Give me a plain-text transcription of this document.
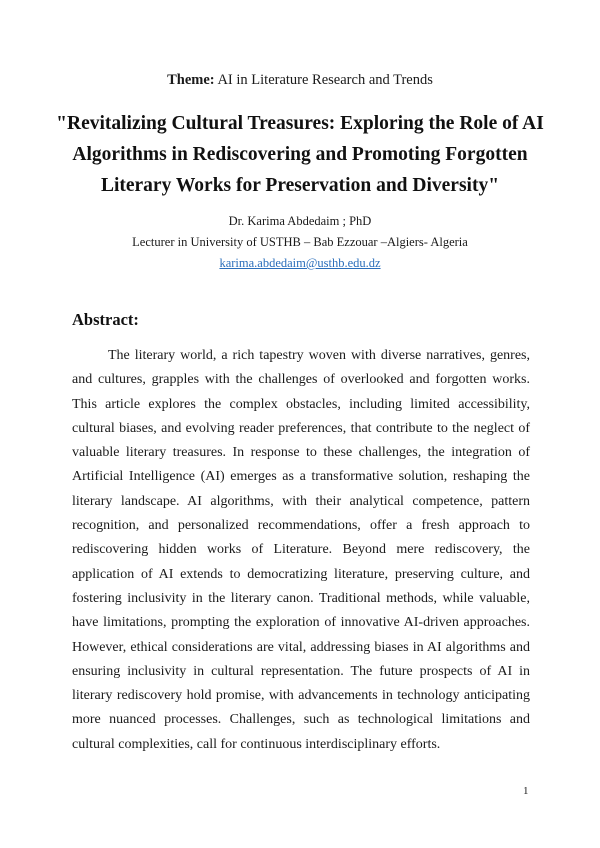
Theme: AI in Literature Research and Trends
"Revitalizing Cultural Treasures: Exploring the Role of AI Algorithms in Rediscovering and Promoting Forgotten Literary Works for Preservation and Diversity"
Dr. Karima Abdedaim ; PhD
Lecturer in University of USTHB – Bab Ezzouar –Algiers- Algeria
karima.abdedaim@usthb.edu.dz
Abstract:

The literary world, a rich tapestry woven with diverse narratives, genres, and cultures, grapples with the challenges of overlooked and forgotten works. This article explores the complex obstacles, including limited accessibility, cultural biases, and evolving reader preferences, that contribute to the neglect of valuable literary treasures. In response to these challenges, the integration of Artificial Intelligence (AI) emerges as a transformative solution, reshaping the literary landscape. AI algorithms, with their analytical competence, pattern recognition, and personalized recommendations, offer a fresh approach to rediscovering hidden works of Literature. Beyond mere rediscovery, the application of AI extends to democratizing literature, preserving culture, and fostering inclusivity in the literary canon. Traditional methods, while valuable, have limitations, prompting the exploration of innovative AI-driven approaches. However, ethical considerations are vital, addressing biases in AI algorithms and ensuring inclusivity in cultural representation. The future prospects of AI in literary rediscovery hold promise, with advancements in technology anticipating more nuanced processes. Challenges, such as technological limitations and cultural complexities, call for continuous interdisciplinary efforts.

1
